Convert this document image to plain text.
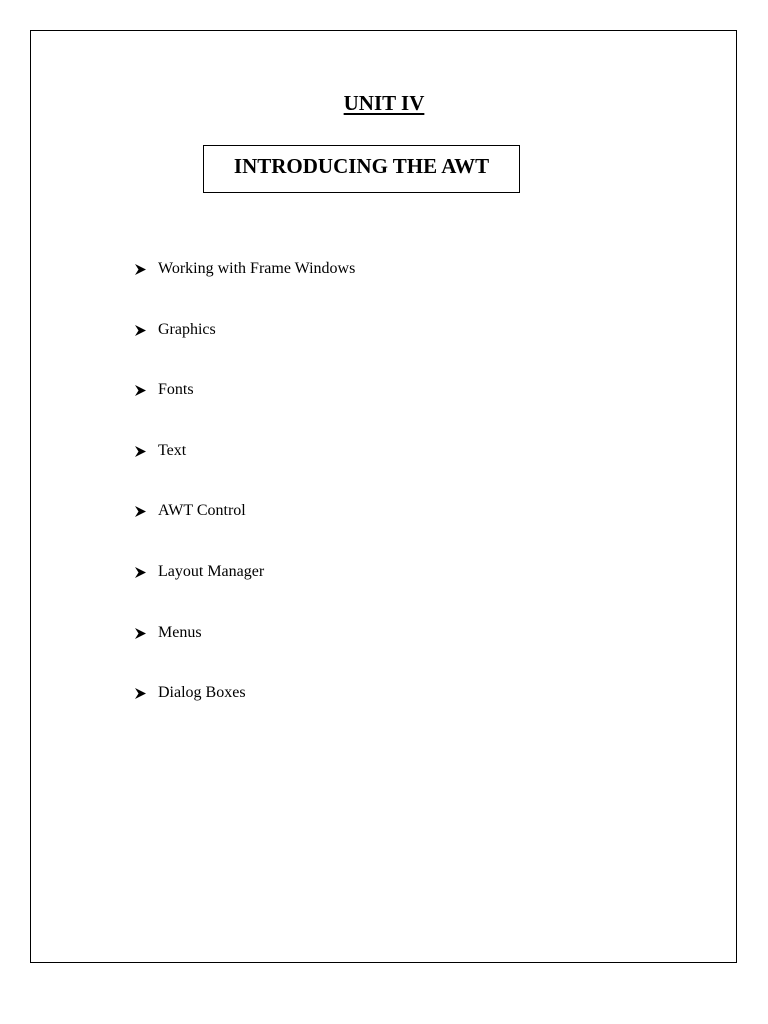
UNIT IV
INTRODUCING THE AWT
Working with Frame Windows
Graphics
Fonts
Text
AWT Control
Layout Manager
Menus
Dialog Boxes
